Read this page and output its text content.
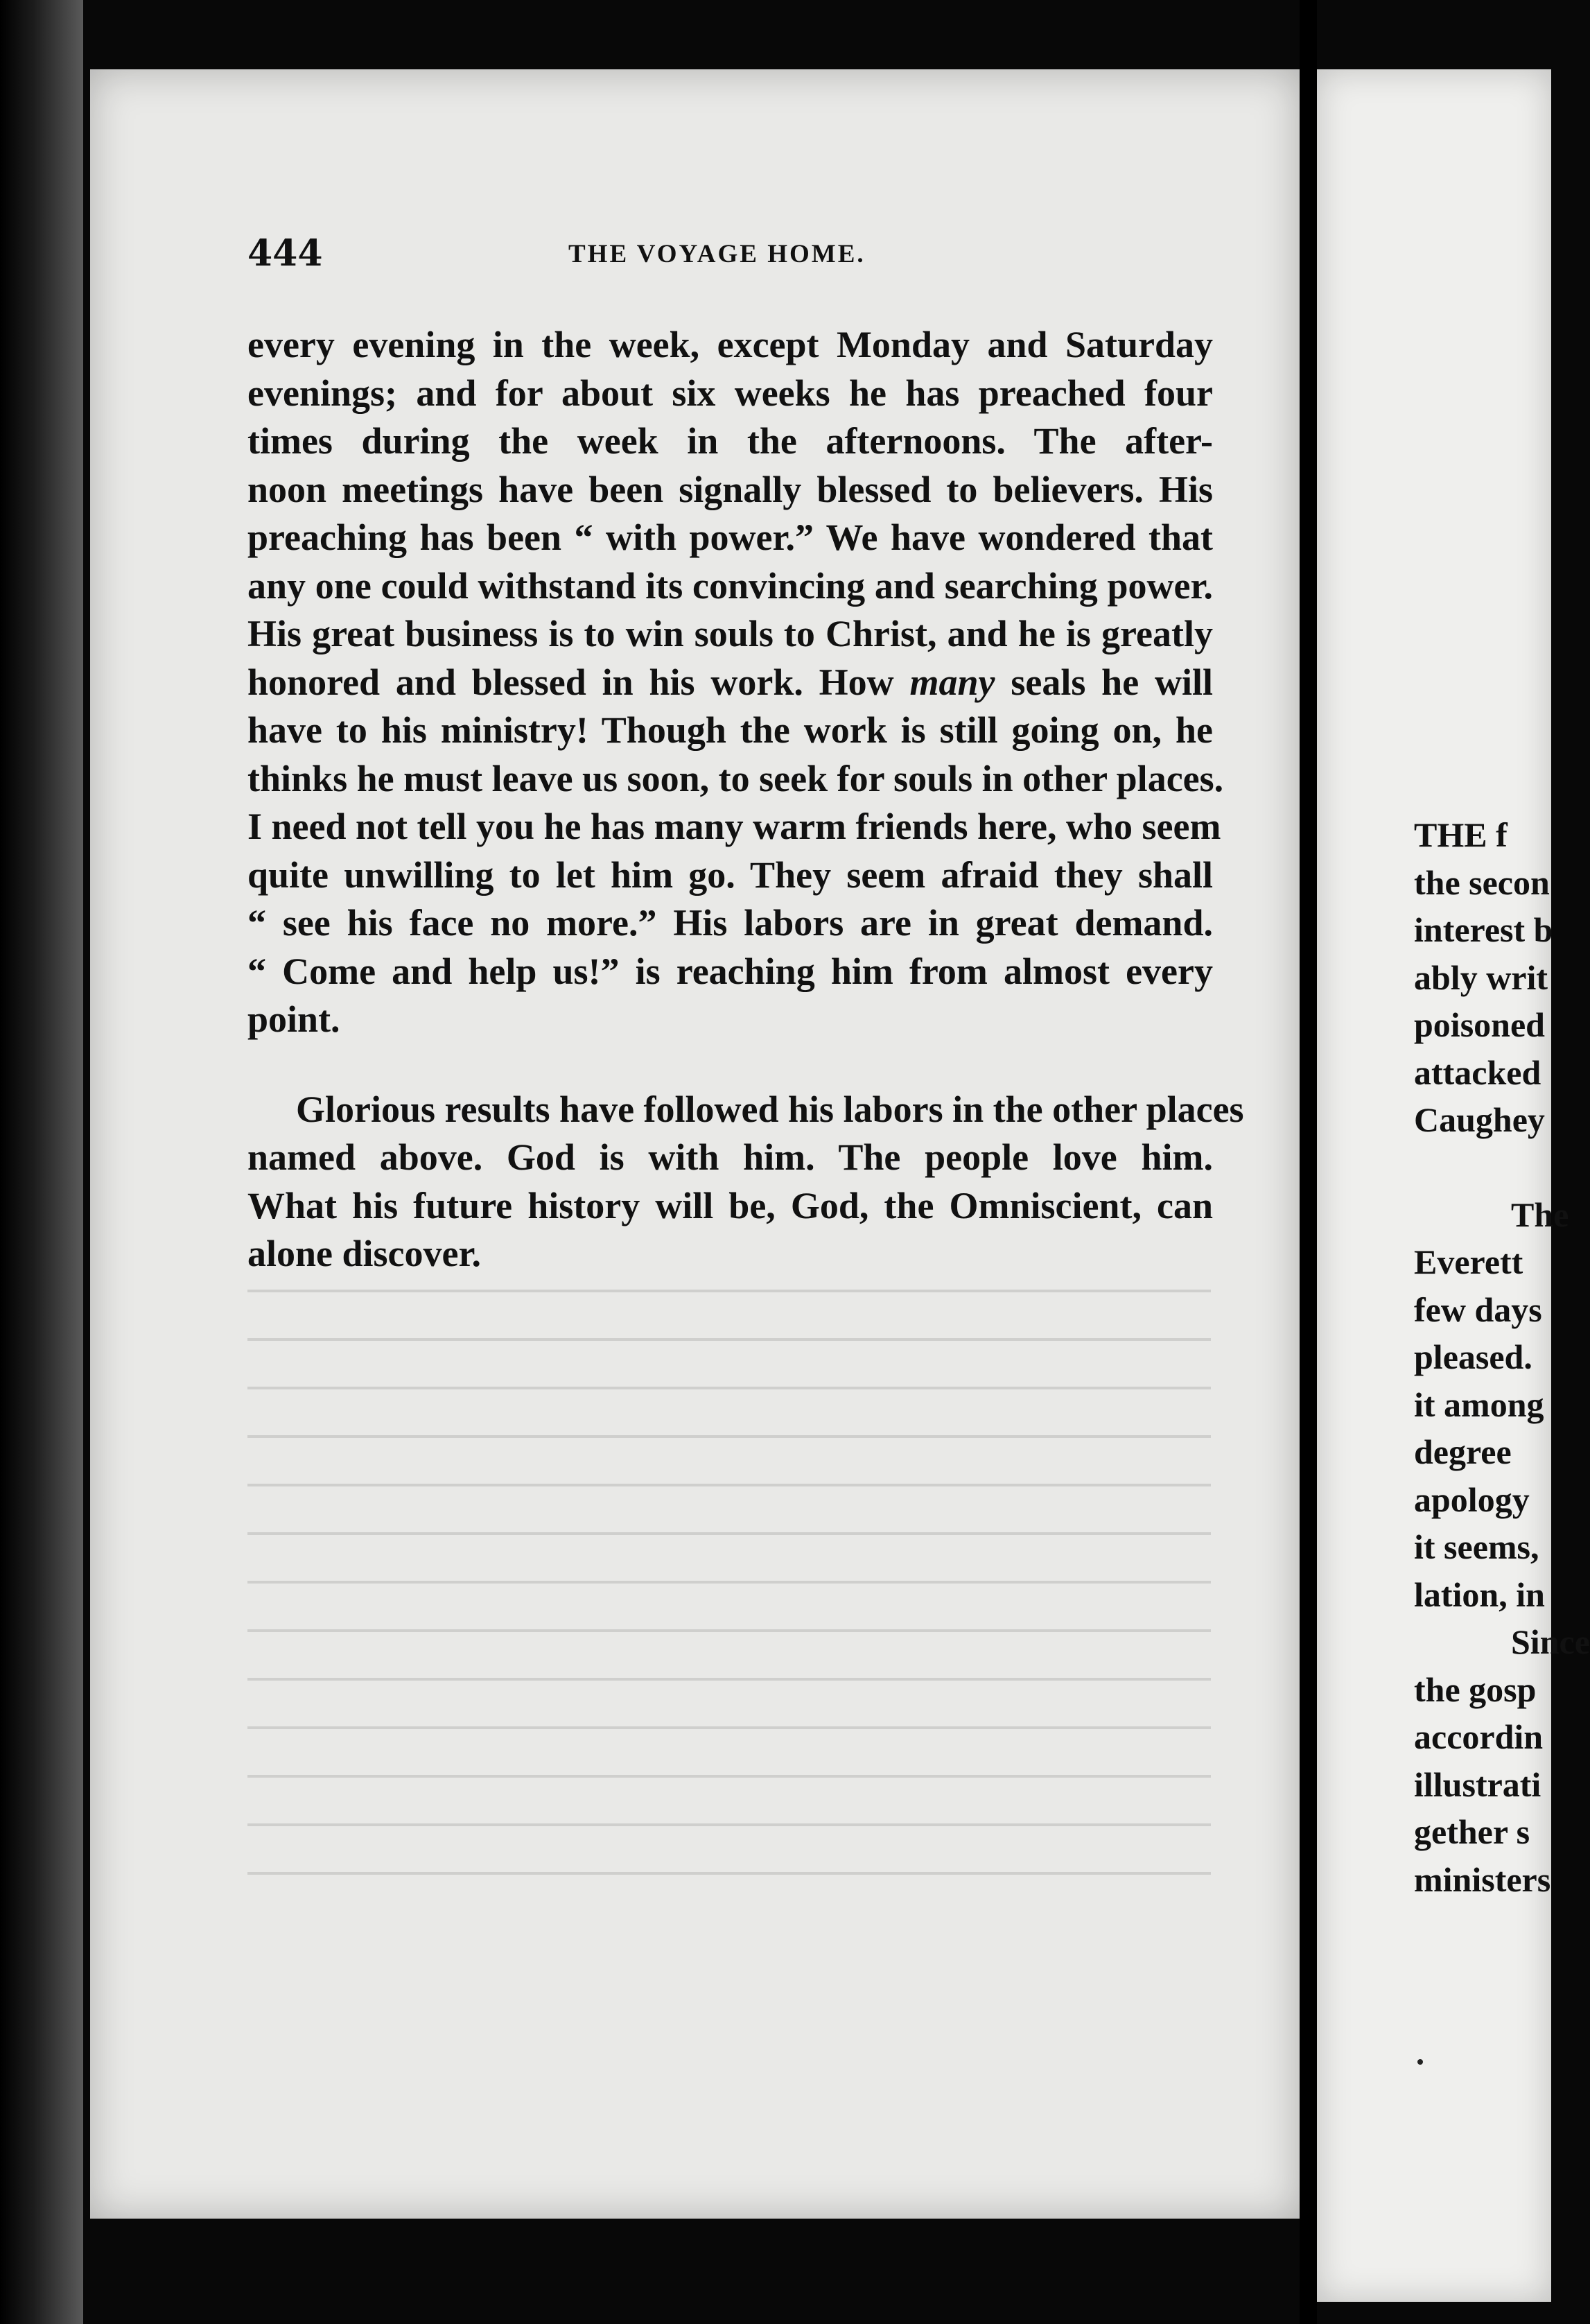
444	THE VOYAGE HOME.
every evening in the week, except Monday and Saturday
evenings; and for about six weeks he has preached four
times during the week in the afternoons. The after-
noon meetings have been signally blessed to believers. His
preaching has been “ with power.” We have wondered that
any one could withstand its convincing and searching power.
His great business is to win souls to Christ, and he is greatly
honored and blessed in his work. How many seals he will
have to his ministry! Though the work is still going on, he
thinks he must leave us soon, to seek for souls in other places.
I need not tell you he has many warm friends here, who seem
quite unwilling to let him go. They seem afraid they shall
“ see his face no more.” His labors are in great demand.
“ Come and help us!” is reaching him from almost every
point.
Glorious results have followed his labors in the other places
named above. God is with him. The people love him.
What his future history will be, God, the Omniscient, can
alone discover.
THE f
the secon
interest b
ably writ
poisoned
attacked
Caughey
The
Everett
few days
pleased.
it among
degree
apology
it seems,
lation, in
Since
the gosp
accordin
illustrati
gether s
ministers
